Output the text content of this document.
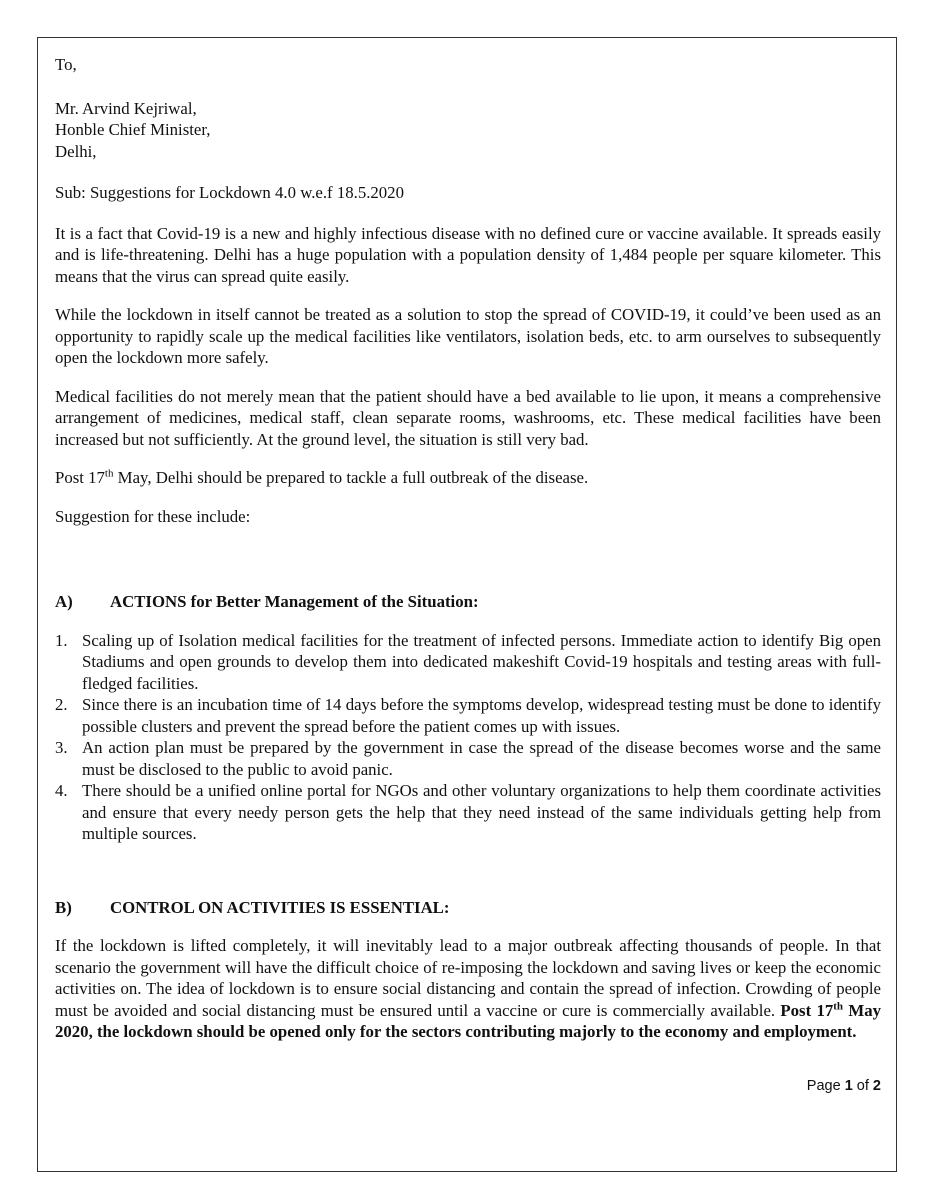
To,

Mr. Arvind Kejriwal,

Honble Chief Minister,

Delhi,

Sub: Suggestions for Lockdown 4.0 w.e.f 18.5.2020

It is a fact that Covid-19 is a new and highly infectious disease with no defined cure or vaccine available. It spreads easily and is life-threatening. Delhi has a huge population with a population density of 1,484 people per square kilometer. This means that the virus can spread quite easily.

While the lockdown in itself cannot be treated as a solution to stop the spread of COVID-19, it could’ve been used as an opportunity to rapidly scale up the medical facilities like ventilators, isolation beds, etc. to arm ourselves to subsequently open the lockdown more safely.

Medical facilities do not merely mean that the patient should have a bed available to lie upon, it means a comprehensive arrangement of medicines, medical staff, clean separate rooms, washrooms, etc. These medical facilities have been increased but not sufficiently. At the ground level, the situation is still very bad.

Post 17th May, Delhi should be prepared to tackle a full outbreak of the disease.

Suggestion for these include:

A)	ACTIONS for Better Management of the Situation:
1. Scaling up of Isolation medical facilities for the treatment of infected persons. Immediate action to identify Big open Stadiums and open grounds to develop them into dedicated makeshift Covid-19 hospitals and testing areas with full-fledged facilities.
2. Since there is an incubation time of 14 days before the symptoms develop, widespread testing must be done to identify possible clusters and prevent the spread before the patient comes up with issues.
3. An action plan must be prepared by the government in case the spread of the disease becomes worse and the same must be disclosed to the public to avoid panic.
4. There should be a unified online portal for NGOs and other voluntary organizations to help them coordinate activities and ensure that every needy person gets the help that they need instead of the same individuals getting help from multiple sources.
B)	CONTROL ON ACTIVITIES IS ESSENTIAL:

If the lockdown is lifted completely, it will inevitably lead to a major outbreak affecting thousands of people. In that scenario the government will have the difficult choice of re-imposing the lockdown and saving lives or keep the economic activities on. The idea of lockdown is to ensure social distancing and contain the spread of infection. Crowding of people must be avoided and social distancing must be ensured until a vaccine or cure is commercially available. Post 17th May 2020, the lockdown should be opened only for the sectors contributing majorly to the economy and employment.

Page 1 of 2
